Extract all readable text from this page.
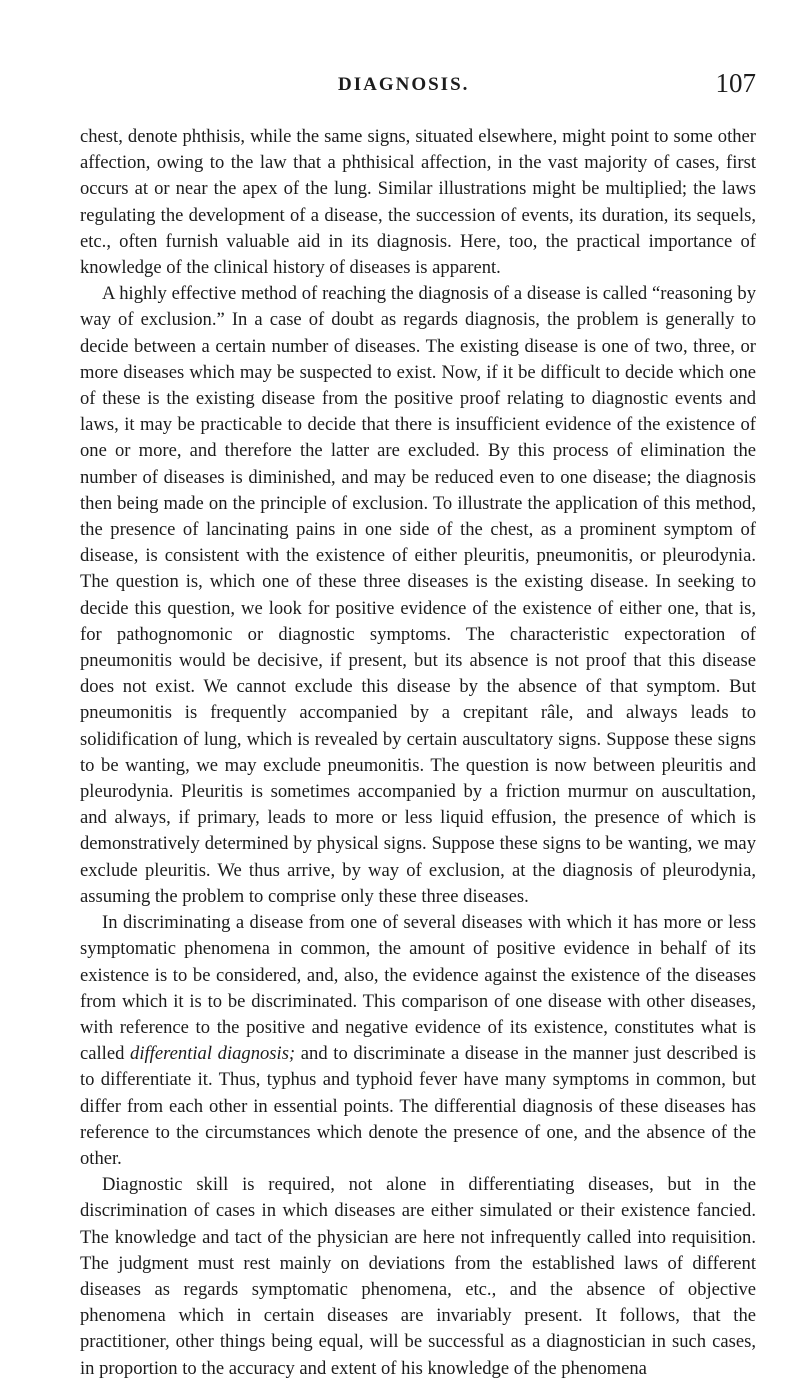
DIAGNOSIS.	107

chest, denote phthisis, while the same signs, situated elsewhere, might point to some other affection, owing to the law that a phthisical affection, in the vast majority of cases, first occurs at or near the apex of the lung. Similar illustrations might be multiplied; the laws regulating the development of a disease, the succession of events, its duration, its sequels, etc., often furnish valuable aid in its diagnosis. Here, too, the practical importance of knowledge of the clinical history of diseases is apparent.

A highly effective method of reaching the diagnosis of a disease is called “reasoning by way of exclusion.” In a case of doubt as regards diagnosis, the problem is generally to decide between a certain number of diseases. The existing disease is one of two, three, or more diseases which may be suspected to exist. Now, if it be difficult to decide which one of these is the existing disease from the positive proof relating to diagnostic events and laws, it may be practicable to decide that there is insufficient evidence of the existence of one or more, and therefore the latter are excluded. By this process of elimination the number of diseases is diminished, and may be reduced even to one disease; the diagnosis then being made on the principle of exclusion. To illustrate the application of this method, the presence of lancinating pains in one side of the chest, as a prominent symptom of disease, is consistent with the existence of either pleuritis, pneumonitis, or pleurodynia. The question is, which one of these three diseases is the existing disease. In seeking to decide this question, we look for positive evidence of the existence of either one, that is, for pathognomonic or diagnostic symptoms. The characteristic expectoration of pneumonitis would be decisive, if present, but its absence is not proof that this disease does not exist. We cannot exclude this disease by the absence of that symptom. But pneumonitis is frequently accompanied by a crepitant râle, and always leads to solidification of lung, which is revealed by certain auscultatory signs. Suppose these signs to be wanting, we may exclude pneumonitis. The question is now between pleuritis and pleurodynia. Pleuritis is sometimes accompanied by a friction murmur on auscultation, and always, if primary, leads to more or less liquid effusion, the presence of which is demonstratively determined by physical signs. Suppose these signs to be wanting, we may exclude pleuritis. We thus arrive, by way of exclusion, at the diagnosis of pleurodynia, assuming the problem to comprise only these three diseases.

In discriminating a disease from one of several diseases with which it has more or less symptomatic phenomena in common, the amount of positive evidence in behalf of its existence is to be considered, and, also, the evidence against the existence of the diseases from which it is to be discriminated. This comparison of one disease with other diseases, with reference to the positive and negative evidence of its existence, constitutes what is called differential diagnosis; and to discriminate a disease in the manner just described is to differentiate it. Thus, typhus and typhoid fever have many symptoms in common, but differ from each other in essential points. The differential diagnosis of these diseases has reference to the circumstances which denote the presence of one, and the absence of the other.

Diagnostic skill is required, not alone in differentiating diseases, but in the discrimination of cases in which diseases are either simulated or their existence fancied. The knowledge and tact of the physician are here not infrequently called into requisition. The judgment must rest mainly on deviations from the established laws of different diseases as regards symptomatic phenomena, etc., and the absence of objective phenomena which in certain diseases are invariably present. It follows, that the practitioner, other things being equal, will be successful as a diagnostician in such cases, in proportion to the accuracy and extent of his knowledge of the phenomena
